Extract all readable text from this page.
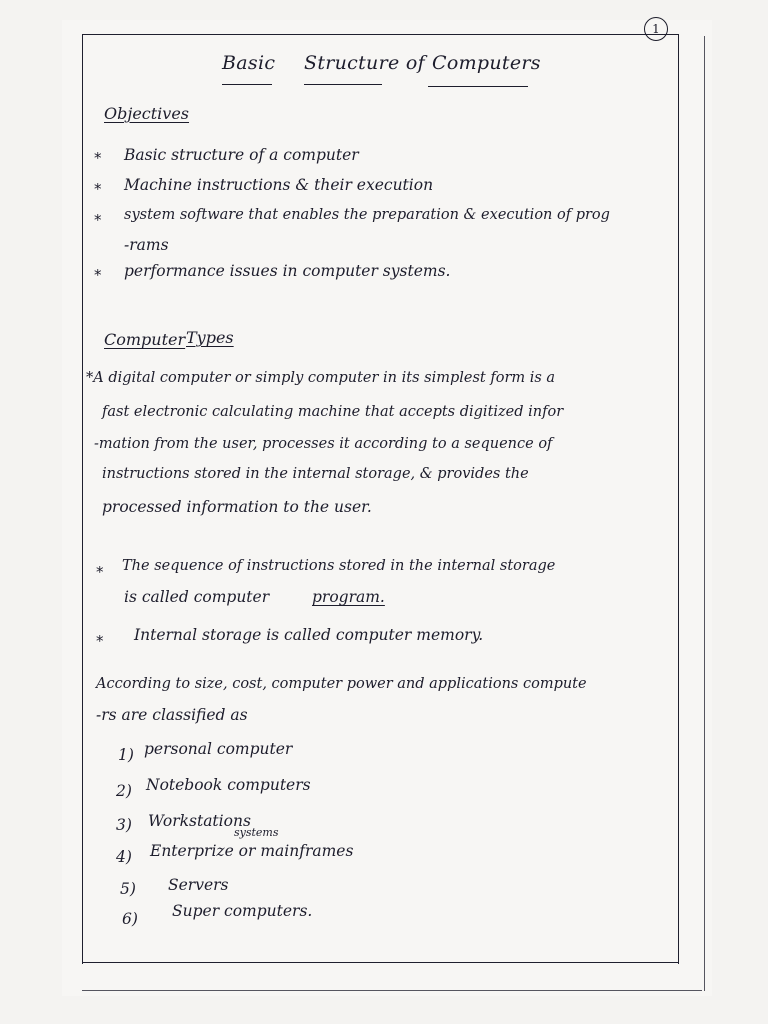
1
Basic Structure of Computers
Objectives
* Basic structure of a computer
* Machine instructions & their execution
* system software that enables the preparation & execution of prog
-rams
* performance issues in computer systems.
Computer Types
*A digital computer or simply computer in its simplest form is a
fast electronic calculating machine that accepts digitized infor
-mation from the user, processes it according to a sequence of
instructions stored in the internal storage, & provides the
processed information to the user.
* The sequence of instructions stored in the internal storage
is called computer	program.
* Internal storage is called computer memory.
According to size, cost, computer power and applications compute
-rs are classified as
1) personal computer
2) Notebook computers
3) Workstations
4)
systems
Enterprize or mainframes
5) Servers
6) Super computers.
